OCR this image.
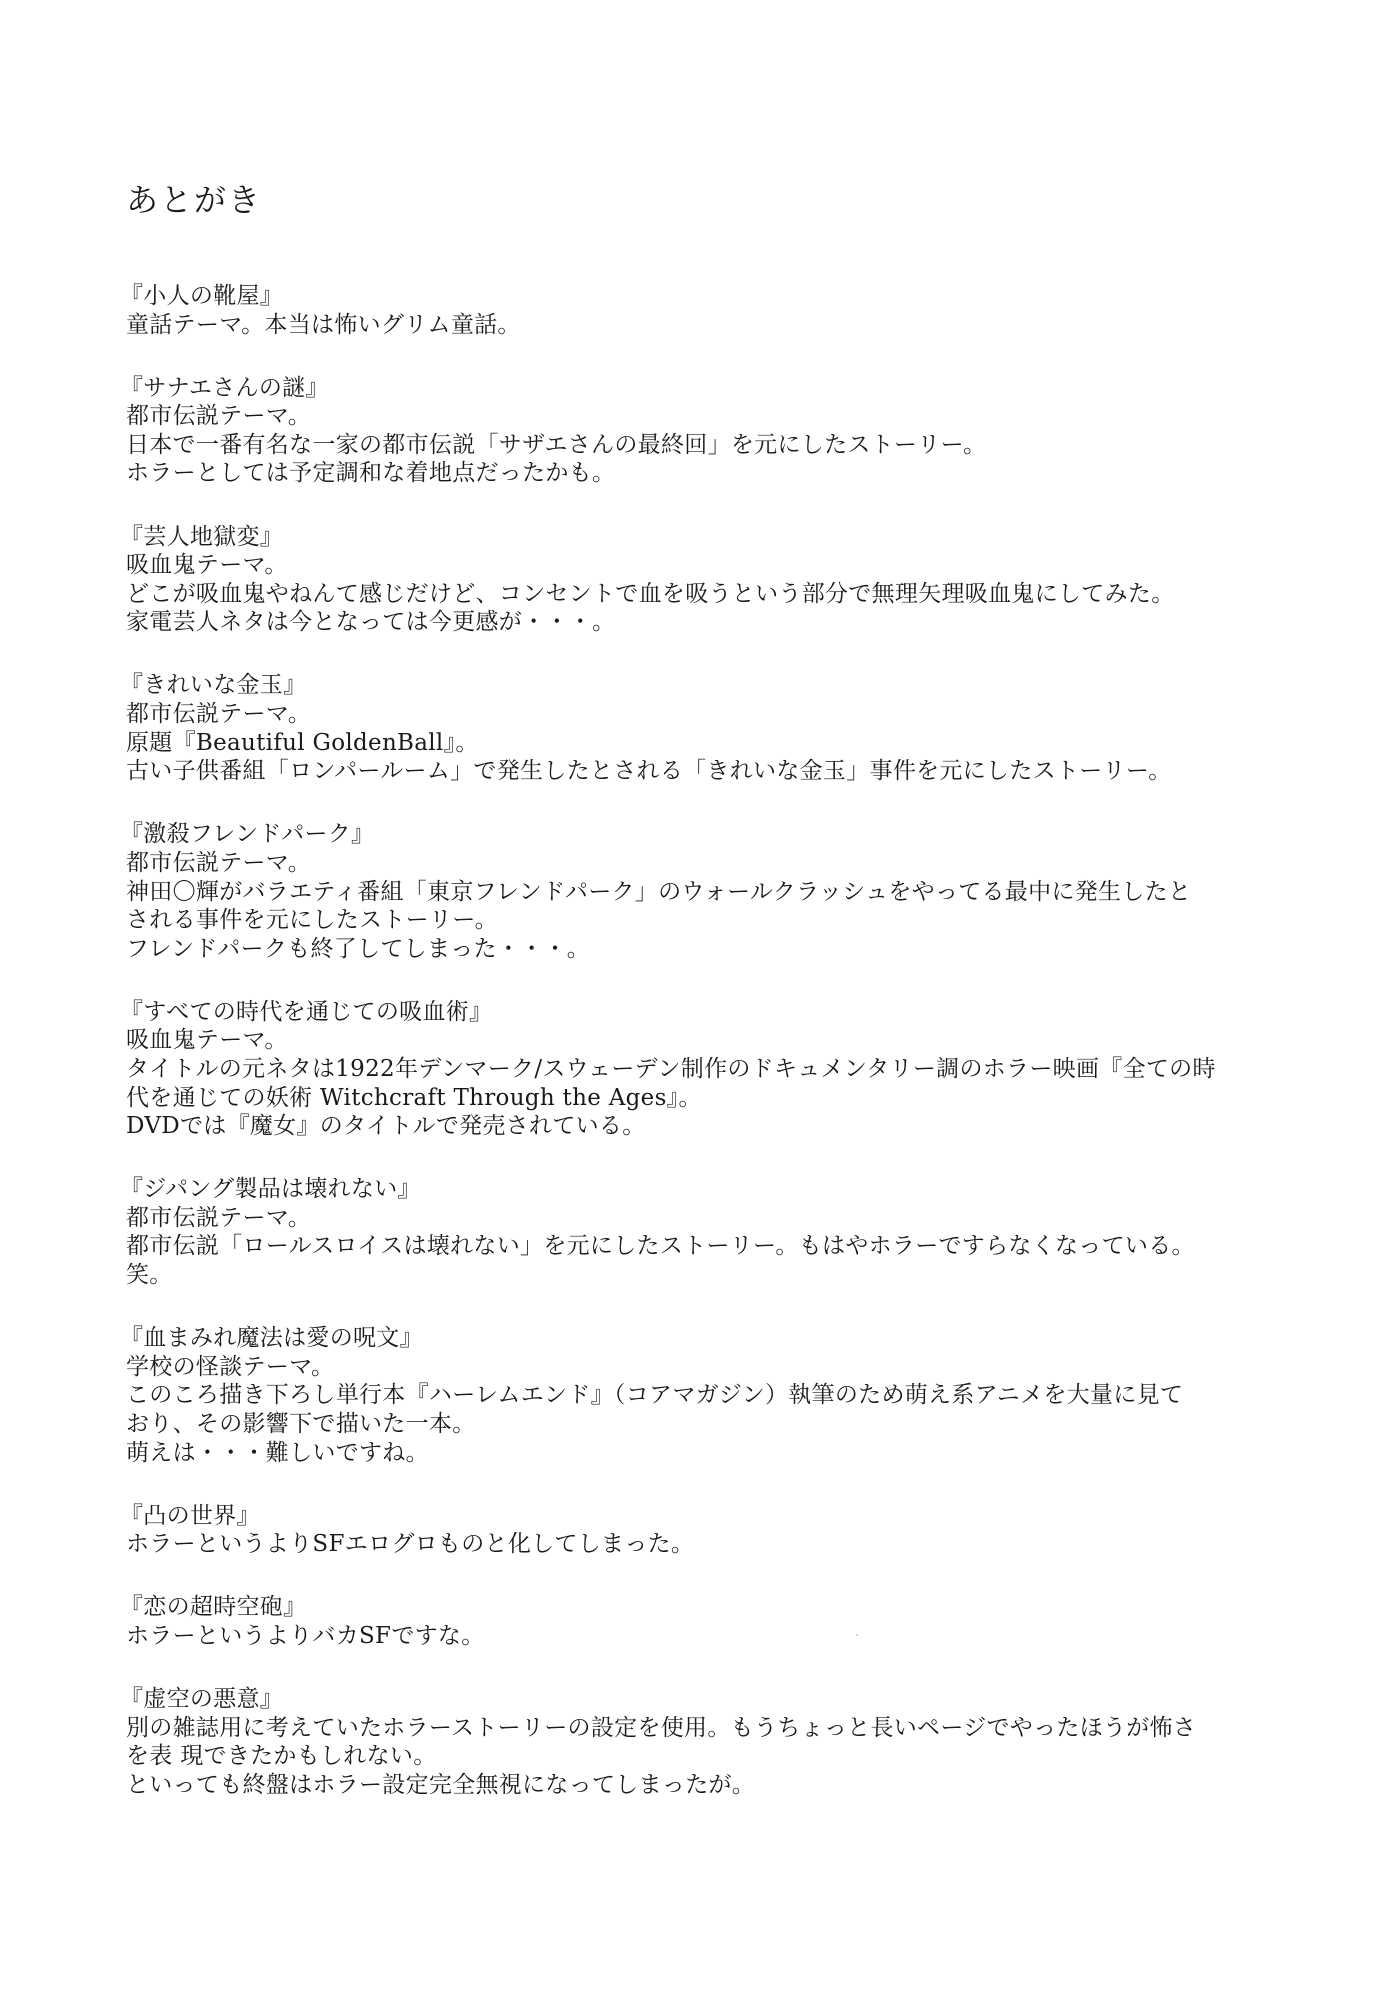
あとがき

『小人の靴屋』

童話テーマ。本当は怖いグリム童話。

『サナエさんの謎』

都市伝説テーマ。

日本で一番有名な一家の都市伝説「サザエさんの最終回」を元にしたストーリー。

ホラーとしては予定調和な着地点だったかも。

『芸人地獄変』

吸血鬼テーマ。

どこが吸血鬼やねんて感じだけど、コンセントで血を吸うという部分で無理矢理吸血鬼にしてみた。

家電芸人ネタは今となっては今更感が・・・。

『きれいな金玉』

都市伝説テーマ。

原題『Beautiful GoldenBall』。

古い子供番組「ロンパールーム」で発生したとされる「きれいな金玉」事件を元にしたストーリー。

『激殺フレンドパーク』

都市伝説テーマ。

神田〇輝がバラエティ番組「東京フレンドパーク」のウォールクラッシュをやってる最中に発生したと

される事件を元にしたストーリー。

フレンドパークも終了してしまった・・・。

『すべての時代を通じての吸血術』

吸血鬼テーマ。

タイトルの元ネタは1922年デンマーク/スウェーデン制作のドキュメンタリー調のホラー映画『全ての時

代を通じての妖術 Witchcraft Through the Ages』。

DVDでは『魔女』のタイトルで発売されている。

『ジパング製品は壊れない』

都市伝説テーマ。

都市伝説「ロールスロイスは壊れない」を元にしたストーリー。もはやホラーですらなくなっている。

笑。

『血まみれ魔法は愛の呪文』

学校の怪談テーマ。

このころ描き下ろし単行本『ハーレムエンド』（コアマガジン）執筆のため萌え系アニメを大量に見て

おり、その影響下で描いた一本。

萌えは・・・難しいですね。

『凸の世界』

ホラーというよりSFエログロものと化してしまった。

『恋の超時空砲』

ホラーというよりバカSFですな。

『虚空の悪意』

別の雑誌用に考えていたホラーストーリーの設定を使用。もうちょっと長いページでやったほうが怖さ

を表 現できたかもしれない。

といっても終盤はホラー設定完全無視になってしまったが。
